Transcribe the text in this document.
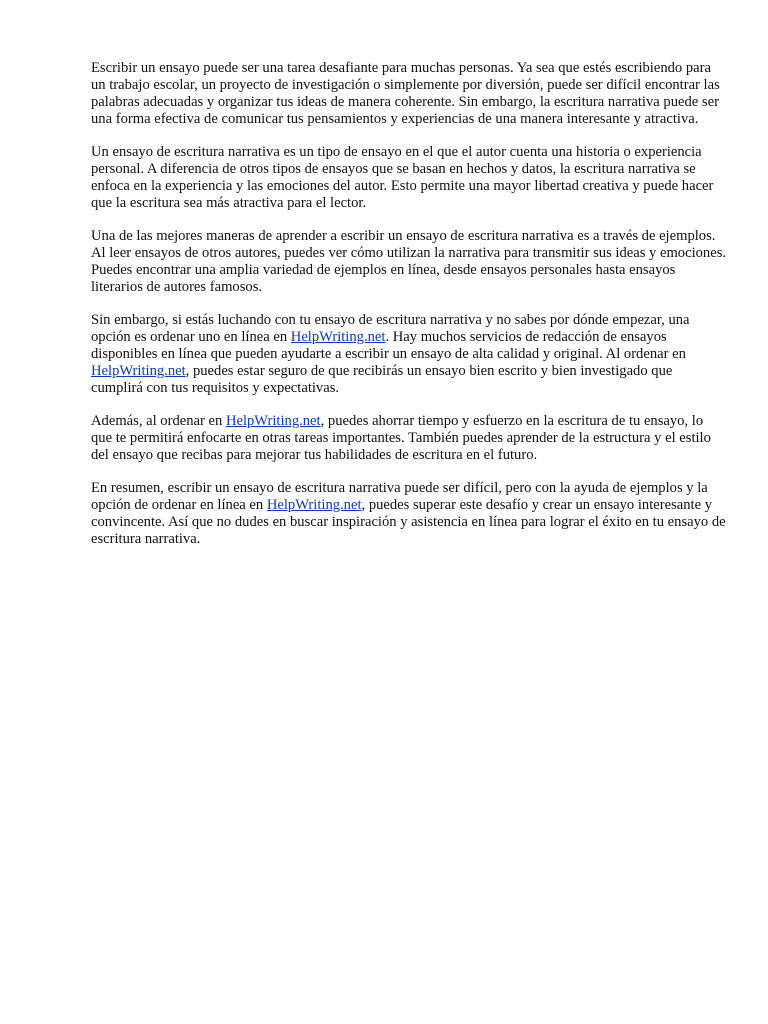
Escribir un ensayo puede ser una tarea desafiante para muchas personas. Ya sea que estés escribiendo para un trabajo escolar, un proyecto de investigación o simplemente por diversión, puede ser difícil encontrar las palabras adecuadas y organizar tus ideas de manera coherente. Sin embargo, la escritura narrativa puede ser una forma efectiva de comunicar tus pensamientos y experiencias de una manera interesante y atractiva.

Un ensayo de escritura narrativa es un tipo de ensayo en el que el autor cuenta una historia o experiencia personal. A diferencia de otros tipos de ensayos que se basan en hechos y datos, la escritura narrativa se enfoca en la experiencia y las emociones del autor. Esto permite una mayor libertad creativa y puede hacer que la escritura sea más atractiva para el lector.

Una de las mejores maneras de aprender a escribir un ensayo de escritura narrativa es a través de ejemplos. Al leer ensayos de otros autores, puedes ver cómo utilizan la narrativa para transmitir sus ideas y emociones. Puedes encontrar una amplia variedad de ejemplos en línea, desde ensayos personales hasta ensayos literarios de autores famosos.

Sin embargo, si estás luchando con tu ensayo de escritura narrativa y no sabes por dónde empezar, una opción es ordenar uno en línea en HelpWriting.net. Hay muchos servicios de redacción de ensayos disponibles en línea que pueden ayudarte a escribir un ensayo de alta calidad y original. Al ordenar en HelpWriting.net, puedes estar seguro de que recibirás un ensayo bien escrito y bien investigado que cumplirá con tus requisitos y expectativas.

Además, al ordenar en HelpWriting.net, puedes ahorrar tiempo y esfuerzo en la escritura de tu ensayo, lo que te permitirá enfocarte en otras tareas importantes. También puedes aprender de la estructura y el estilo del ensayo que recibas para mejorar tus habilidades de escritura en el futuro.

En resumen, escribir un ensayo de escritura narrativa puede ser difícil, pero con la ayuda de ejemplos y la opción de ordenar en línea en HelpWriting.net, puedes superar este desafío y crear un ensayo interesante y convincente. Así que no dudes en buscar inspiración y asistencia en línea para lograr el éxito en tu ensayo de escritura narrativa.
